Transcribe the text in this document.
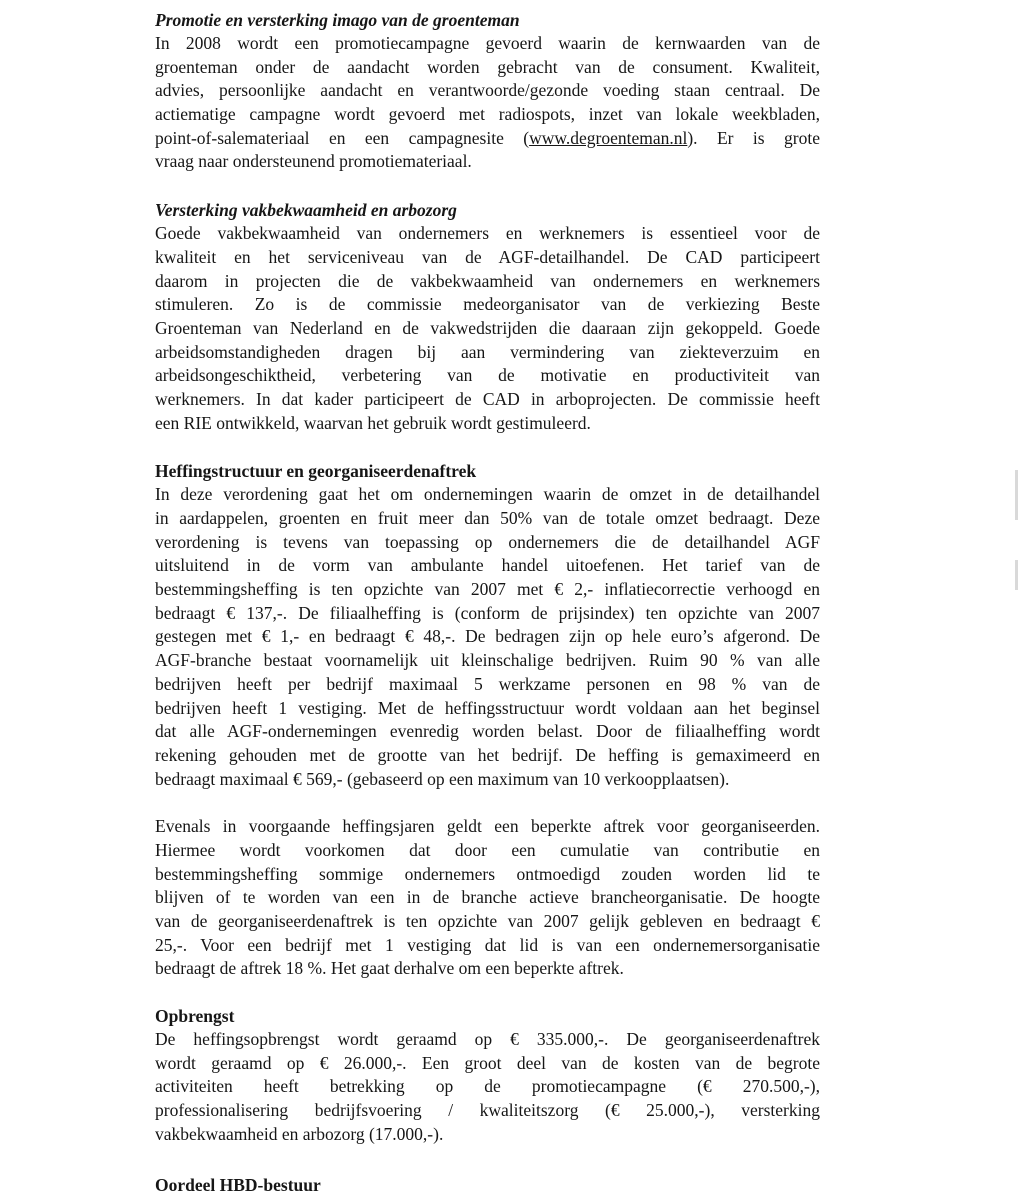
Promotie en versterking imago van de groenteman
In 2008 wordt een promotiecampagne gevoerd waarin de kernwaarden van de
groenteman onder de aandacht worden gebracht van de consument. Kwaliteit,
advies, persoonlijke aandacht en verantwoorde/gezonde voeding staan centraal. De
actiematige campagne wordt gevoerd met radiospots, inzet van lokale weekbladen,
point-of-salemateriaal en een campagnesite (www.degroenteman.nl). Er is grote
vraag naar ondersteunend promotiemateriaal.
Versterking vakbekwaamheid en arbozorg
Goede vakbekwaamheid van ondernemers en werknemers is essentieel voor de
kwaliteit en het serviceniveau van de AGF-detailhandel. De CAD participeert
daarom in projecten die de vakbekwaamheid van ondernemers en werknemers
stimuleren. Zo is de commissie medeorganisator van de verkiezing Beste
Groenteman van Nederland en de vakwedstrijden die daaraan zijn gekoppeld. Goede
arbeidsomstandigheden dragen bij aan vermindering van ziekteverzuim en
arbeidsongeschiktheid, verbetering van de motivatie en productiviteit van
werknemers. In dat kader participeert de CAD in arboprojecten. De commissie heeft
een RIE ontwikkeld, waarvan het gebruik wordt gestimuleerd.
Heffingstructuur en georganiseerdenaftrek
In deze verordening gaat het om ondernemingen waarin de omzet in de detailhandel
in aardappelen, groenten en fruit meer dan 50% van de totale omzet bedraagt. Deze
verordening is tevens van toepassing op ondernemers die de detailhandel AGF
uitsluitend in de vorm van ambulante handel uitoefenen. Het tarief van de
bestemmingsheffing is ten opzichte van 2007 met € 2,- inflatiecorrectie verhoogd en
bedraagt € 137,-. De filiaalheffing is (conform de prijsindex) ten opzichte van 2007
gestegen met € 1,- en bedraagt € 48,-. De bedragen zijn op hele euro’s afgerond. De
AGF-branche bestaat voornamelijk uit kleinschalige bedrijven. Ruim 90 % van alle
bedrijven heeft per bedrijf maximaal 5 werkzame personen en 98 % van de
bedrijven heeft 1 vestiging. Met de heffingsstructuur wordt voldaan aan het beginsel
dat alle AGF-ondernemingen evenredig worden belast. Door de filiaalheffing wordt
rekening gehouden met de grootte van het bedrijf. De heffing is gemaximeerd en
bedraagt maximaal € 569,- (gebaseerd op een maximum van 10 verkoopplaatsen).
Evenals in voorgaande heffingsjaren geldt een beperkte aftrek voor georganiseerden.
Hiermee wordt voorkomen dat door een cumulatie van contributie en
bestemmingsheffing sommige ondernemers ontmoedigd zouden worden lid te
blijven of te worden van een in de branche actieve brancheorganisatie. De hoogte
van de georganiseerdenaftrek is ten opzichte van 2007 gelijk gebleven en bedraagt €
25,-. Voor een bedrijf met 1 vestiging dat lid is van een ondernemersorganisatie
bedraagt de aftrek 18 %. Het gaat derhalve om een beperkte aftrek.
Opbrengst
De heffingsopbrengst wordt geraamd op € 335.000,-. De georganiseerdenaftrek
wordt geraamd op € 26.000,-. Een groot deel van de kosten van de begrote
activiteiten heeft betrekking op de promotiecampagne (€ 270.500,-),
professionalisering bedrijfsvoering / kwaliteitszorg (€ 25.000,-), versterking
vakbekwaamheid en arbozorg (17.000,-).
Oordeel HBD-bestuur
